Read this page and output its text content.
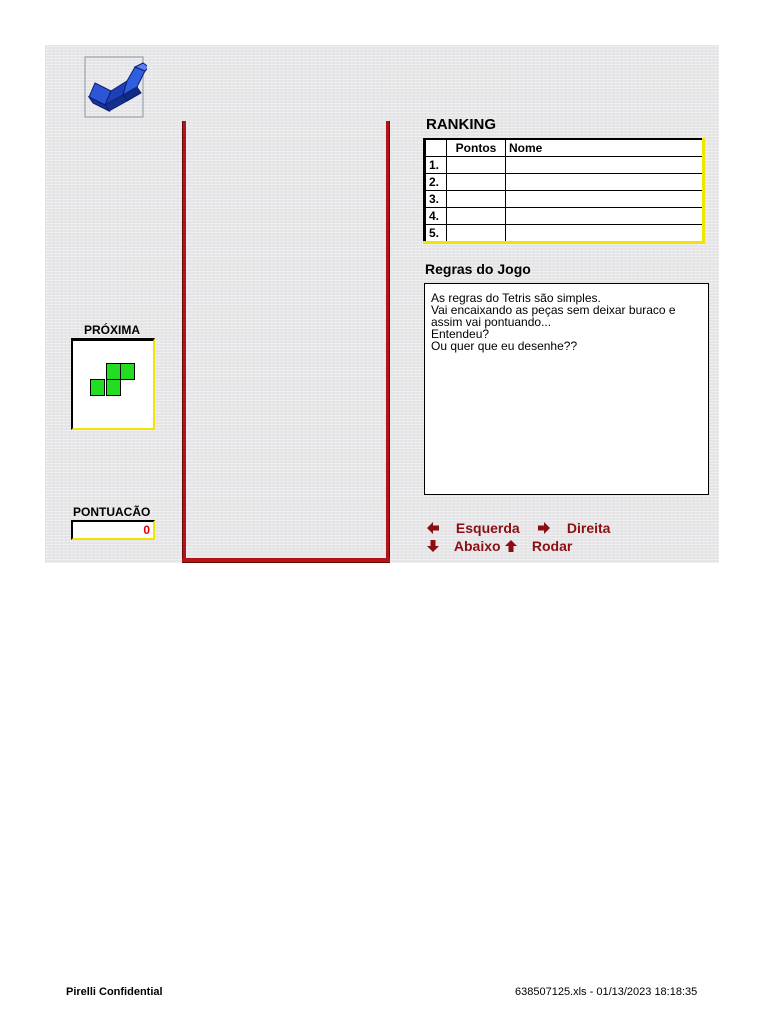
PRÓXIMA
PONTUACÃO
0
RANKING
	Pontos	Nome
1.		
2.		
3.		
4.		
5.		
Regras do Jogo
As regras do Tetris são simples.
Vai encaixando as peças sem deixar buraco e
assim vai pontuando...
Entendeu?
Ou quer que eu desenhe??
Esquerda	Direita
Abaixo	Rodar
Pirelli Confidential	638507125.xls - 01/13/2023 18:18:35
